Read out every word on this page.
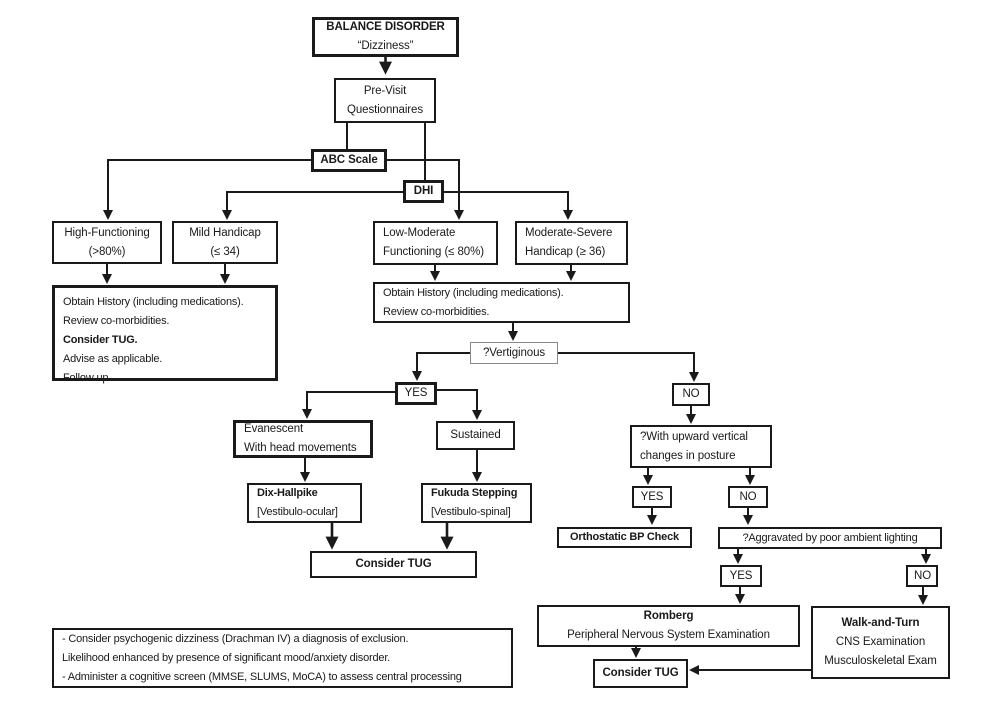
BALANCE DISORDER
“Dizziness”
Pre-Visit
Questionnaires
ABC Scale
DHI
High-Functioning
(>80%)
Mild Handicap
(≤ 34)
Low-Moderate
Functioning (≤ 80%)
Moderate-Severe
Handicap (≥ 36)
Obtain History (including medications).
Review co-morbidities.
Consider TUG.
Advise as applicable.
Follow up.
Obtain History (including medications).
Review co-morbidities.
?Vertiginous
YES	NO
Evanescent
With head movements
Sustained	?With upward vertical
changes in posture
Dix-Hallpike
[Vestibulo-ocular]
Fukuda Stepping
[Vestibulo-spinal]
YES	NO
Orthostatic BP Check	?Aggravated by poor ambient lighting
Consider TUG
YES	NO
Romberg
Peripheral Nervous System Examination
Walk-and-Turn
CNS Examination
Musculoskeletal Exam
Consider TUG
- Consider psychogenic dizziness (Drachman IV) a diagnosis of exclusion.
Likelihood enhanced by presence of significant mood/anxiety disorder.
- Administer a cognitive screen (MMSE, SLUMS, MoCA) to assess central processing
